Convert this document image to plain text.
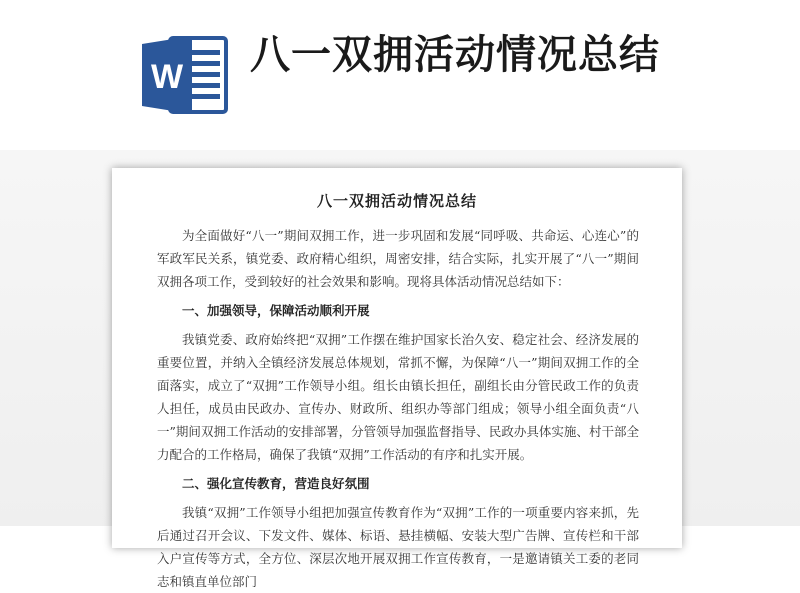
W 八一双拥活动情况总结
八一双拥活动情况总结

为全面做好“八一”期间双拥工作，进一步巩固和发展“同呼吸、共命运、心连心”的军政军民关系，镇党委、政府精心组织，周密安排，结合实际，扎实开展了“八一”期间双拥各项工作，受到较好的社会效果和影响。现将具体活动情况总结如下：

一、加强领导，保障活动顺利开展

我镇党委、政府始终把“双拥”工作摆在维护国家长治久安、稳定社会、经济发展的重要位置，并纳入全镇经济发展总体规划，常抓不懈，为保障“八一”期间双拥工作的全面落实，成立了“双拥”工作领导小组。组长由镇长担任，副组长由分管民政工作的负责人担任，成员由民政办、宣传办、财政所、组织办等部门组成；领导小组全面负责“八一”期间双拥工作活动的安排部署，分管领导加强监督指导、民政办具体实施、村干部全力配合的工作格局，确保了我镇“双拥”工作活动的有序和扎实开展。

二、强化宣传教育，营造良好氛围

我镇“双拥”工作领导小组把加强宣传教育作为“双拥”工作的一项重要内容来抓，先后通过召开会议、下发文件、媒体、标语、悬挂横幅、安装大型广告牌、宣传栏和干部入户宣传等方式，全方位、深层次地开展双拥工作宣传教育，一是邀请镇关工委的老同志和镇直单位部门
